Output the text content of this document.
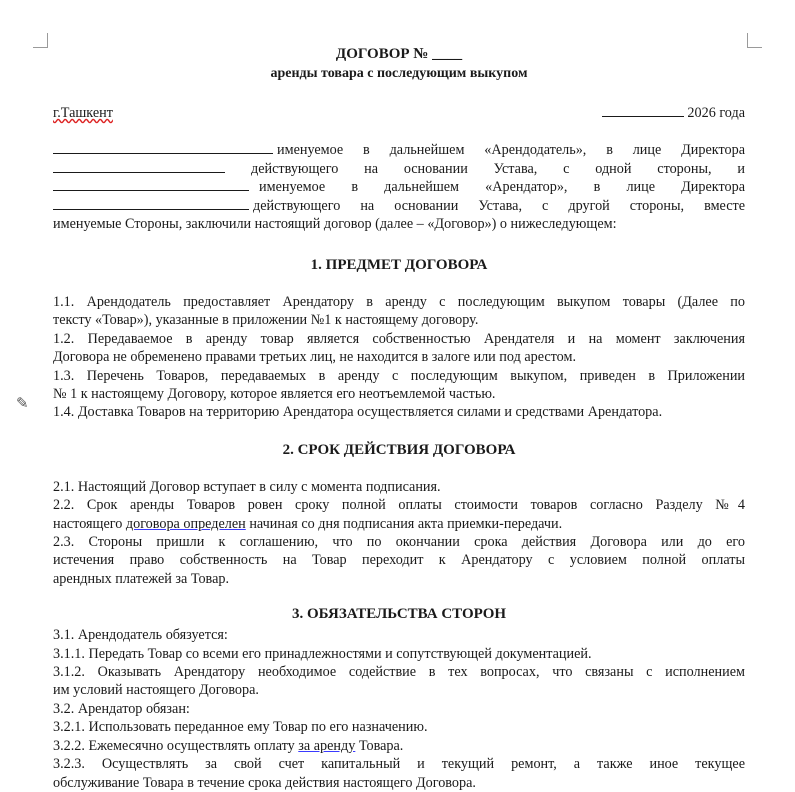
✎

ДОГОВОР № ____

аренды товара с последующим выкупом

г.Ташкент	2026 года
именуемое в дальнейшем «Арендодатель», в лице Директора
действующего на основании Устава, с одной стороны, и
именуемое в дальнейшем «Арендатор», в лице Директора
действующего на основании Устава, с другой стороны, вместе
именуемые Стороны, заключили настоящий договор (далее – «Договор») о нижеследующем:
1. ПРЕДМЕТ ДОГОВОРА

1.1. Арендодатель предоставляет Арендатору в аренду с последующим выкупом товары (Далее по

тексту «Товар»), указанные в приложении №1 к настоящему договору.

1.2. Передаваемое в аренду товар является собственностью Арендателя и на момент заключения

Договора не обременено правами третьих лиц, не находится в залоге или под арестом.

1.3. Перечень Товаров, передаваемых в аренду с последующим выкупом, приведен в Приложении

№ 1 к настоящему Договору, которое является его неотъемлемой частью.

1.4. Доставка Товаров на территорию Арендатора осуществляется силами и средствами Арендатора.

2. СРОК ДЕЙСТВИЯ ДОГОВОРА

2.1. Настоящий Договор вступает в силу с момента подписания.

2.2. Срок аренды Товаров ровен сроку полной оплаты стоимости товаров согласно Разделу №4

настоящего договора определен начиная со дня подписания акта приемки-передачи.

2.3. Стороны пришли к соглашению, что по окончании срока действия Договора или до его

истечения право собственность на Товар переходит к Арендатору с условием полной оплаты

арендных платежей за Товар.

3. ОБЯЗАТЕЛЬСТВА СТОРОН

3.1. Арендодатель обязуется:

3.1.1. Передать Товар со всеми его принадлежностями и сопутствующей документацией.

3.1.2. Оказывать Арендатору необходимое содействие в тех вопросах, что связаны с исполнением

им условий настоящего Договора.

3.2. Арендатор обязан:

3.2.1. Использовать переданное ему Товар по его назначению.

3.2.2. Ежемесячно осуществлять оплату за аренду Товара.

3.2.3. Осуществлять за свой счет капитальный и текущий ремонт, а также иное текущее

обслуживание Товара в течение срока действия настоящего Договора.
